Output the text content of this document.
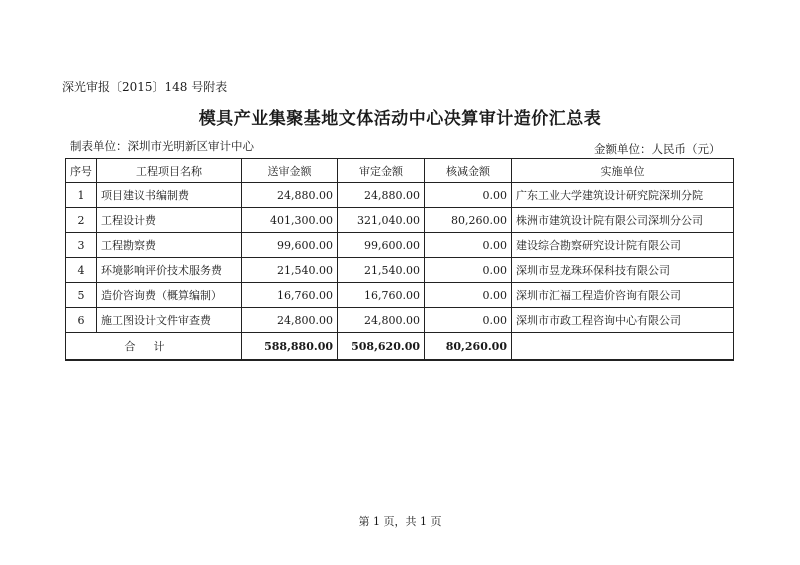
深光审报〔2015〕148 号附表
模具产业集聚基地文体活动中心决算审计造价汇总表
制表单位：深圳市光明新区审计中心	金额单位：人民币（元）
序号	工程项目名称	送审金额	审定金额	核减金额	实施单位
1	项目建议书编制费	24,880.00	24,880.00	0.00	广东工业大学建筑设计研究院深圳分院
2	工程设计费	401,300.00	321,040.00	80,260.00	株洲市建筑设计院有限公司深圳分公司
3	工程勘察费	99,600.00	99,600.00	0.00	建设综合勘察研究设计院有限公司
4	环境影响评价技术服务费	21,540.00	21,540.00	0.00	深圳市昱龙珠环保科技有限公司
5	造价咨询费（概算编制）	16,760.00	16,760.00	0.00	深圳市汇福工程造价咨询有限公司
6	施工图设计文件审查费	24,800.00	24,800.00	0.00	深圳市市政工程咨询中心有限公司
合计		588,880.00	508,620.00	80,260.00	
第 1 页，共 1 页
